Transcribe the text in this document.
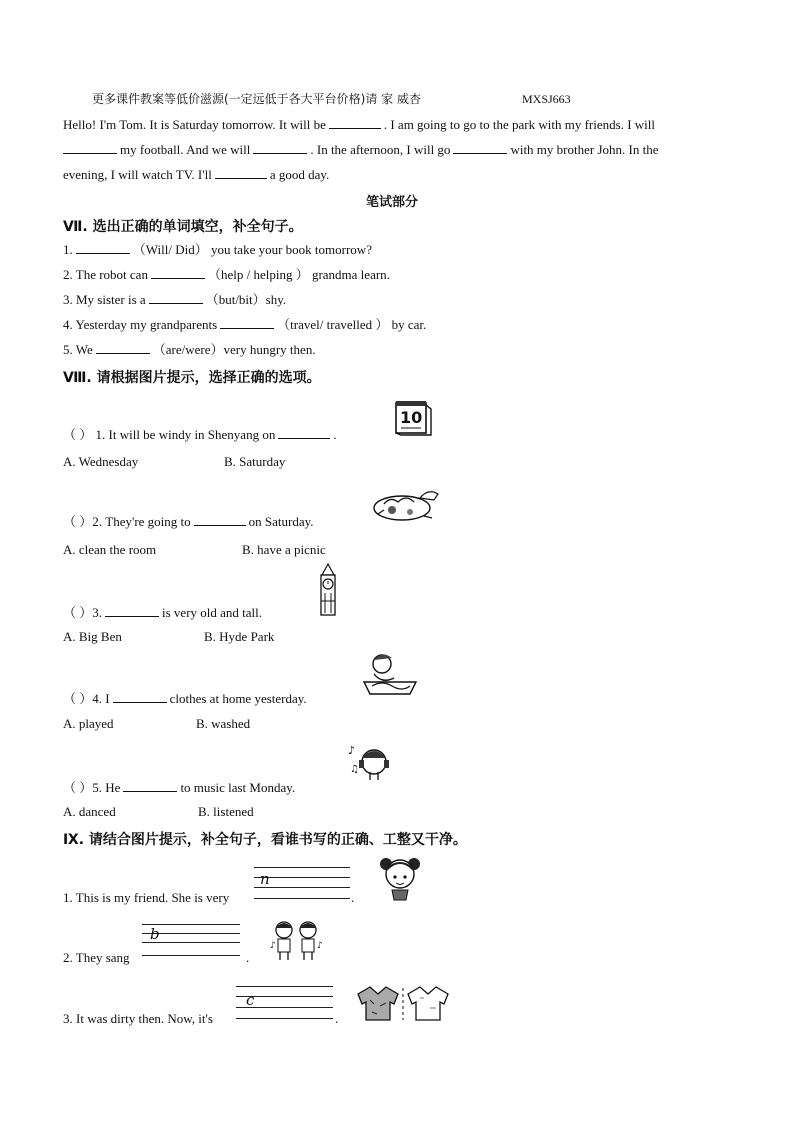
更多课件教案等低价滋源(一定远低于各大平台价格)请 家 威杏	MXSJ663
Hello! I'm Tom. It is Saturday tomorrow. It will be	. I am going to go to the park with my friends. I will
my football. And we will	. In the afternoon, I will go	with my brother John. In the
evening, I will watch TV. I'll	a good day.
笔试部分
Ⅶ. 选出正确的单词填空，补全句子。
1.	（Will/ Did） you take your book tomorrow?
2. The robot can	（help / helping ） grandma learn.
3. My sister is a	（but/bit）shy.
4. Yesterday my grandparents	（travel/ travelled ） by car.
5. We	（are/were）very hungry then.
Ⅷ. 请根据图片提示，选择正确的选项。
（ ） 1. It will be windy in Shenyang on	.
A. Wednesday	B. Saturday
10
（ ）2. They're going to	on Saturday.
A. clean the room	B. have a picnic
（ ）3.	is very old and tall.
A. Big Ben	B. Hyde Park
（ ）4. I	clothes at home yesterday.
A. played	B. washed
（ ）5. He	to music last Monday.
A. danced	B. listened
♪
♫
Ⅸ. 请结合图片提示，补全句子，看谁书写的正确、工整又干净。
1. This is my friend. She is very
n
.
2. They sang
b
.
♪	♪
3. It was dirty then. Now, it's
c
.
